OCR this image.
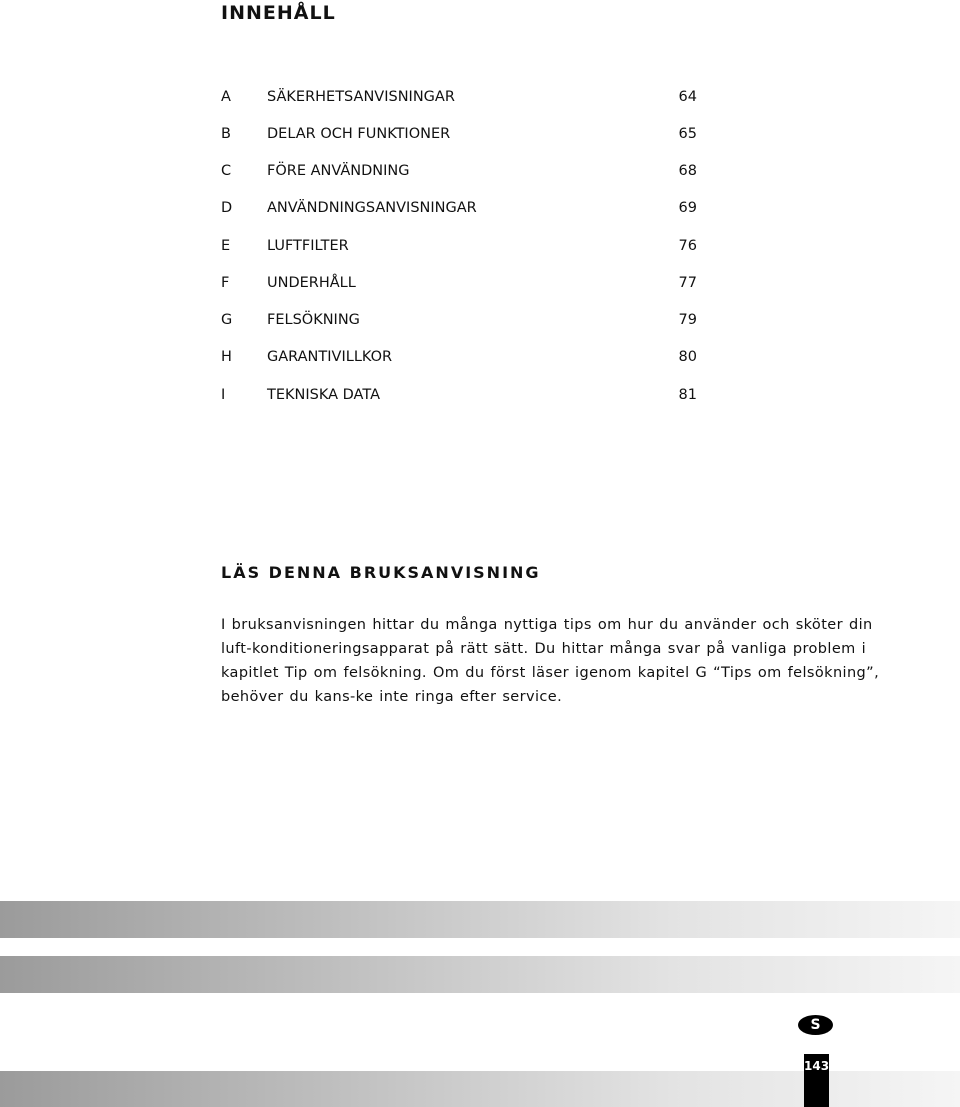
INNEHÅLL
A	SÄKERHETSANVISNINGAR	64
B	DELAR OCH FUNKTIONER	65
C	FÖRE ANVÄNDNING	68
D	ANVÄNDNINGSANVISNINGAR	69
E	LUFTFILTER	76
F	UNDERHÅLL	77
G	FELSÖKNING	79
H	GARANTIVILLKOR	80
I	TEKNISKA DATA	81
LÄS DENNA BRUKSANVISNING

I bruksanvisningen hittar du många nyttiga tips om hur du använder och sköter din luft-konditioneringsapparat på rätt sätt. Du hittar många svar på vanliga problem i kapitlet Tip om felsökning. Om du först läser igenom kapitel G “Tips om felsökning”, behöver du kans-ke inte ringa efter service.

S
143
